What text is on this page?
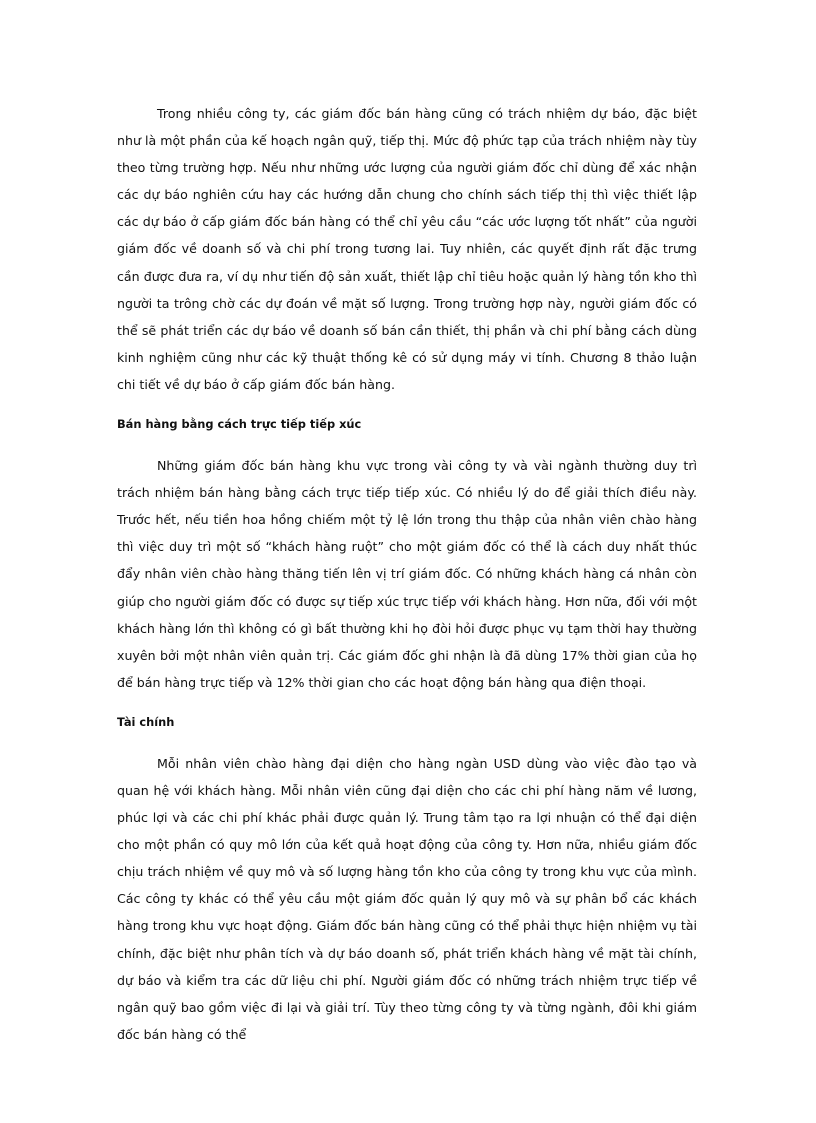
Trong nhiều công ty, các giám đốc bán hàng cũng có trách nhiệm dự báo, đặc biệt như là một phần của kế hoạch ngân quỹ, tiếp thị. Mức độ phức tạp của trách nhiệm này tùy theo từng trường hợp. Nếu như những ước lượng của người giám đốc chỉ dùng để xác nhận các dự báo nghiên cứu hay các hướng dẫn chung cho chính sách tiếp thị thì việc thiết lập các dự báo ở cấp giám đốc bán hàng có thể chỉ yêu cầu “các ước lượng tốt nhất” của người giám đốc về doanh số và chi phí trong tương lai. Tuy nhiên, các quyết định rất đặc trưng cần được đưa ra, ví dụ như tiến độ sản xuất, thiết lập chỉ tiêu hoặc quản lý hàng tồn kho thì người ta trông chờ các dự đoán về mặt số lượng. Trong trường hợp này, người giám đốc có thể sẽ phát triển các dự báo về doanh số bán cần thiết, thị phần và chi phí bằng cách dùng kinh nghiệm cũng như các kỹ thuật thống kê có sử dụng máy vi tính. Chương 8 thảo luận chi tiết về dự báo ở cấp giám đốc bán hàng.

Bán hàng bằng cách trực tiếp tiếp xúc

Những giám đốc bán hàng khu vực trong vài công ty và vài ngành thường duy trì trách nhiệm bán hàng bằng cách trực tiếp tiếp xúc. Có nhiều lý do để giải thích điều này. Trước hết, nếu tiền hoa hồng chiếm một tỷ lệ lớn trong thu thập của nhân viên chào hàng thì việc duy trì một số “khách hàng ruột” cho một giám đốc có thể là cách duy nhất thúc đẩy nhân viên chào hàng thăng tiến lên vị trí giám đốc. Có những khách hàng cá nhân còn giúp cho người giám đốc có được sự tiếp xúc trực tiếp với khách hàng. Hơn nữa, đối với một khách hàng lớn thì không có gì bất thường khi họ đòi hỏi được phục vụ tạm thời hay thường xuyên bởi một nhân viên quản trị. Các giám đốc ghi nhận là đã dùng 17% thời gian của họ để bán hàng trực tiếp và 12% thời gian cho các hoạt động bán hàng qua điện thoại.

Tài chính

Mỗi nhân viên chào hàng đại diện cho hàng ngàn USD dùng vào việc đào tạo và quan hệ với khách hàng. Mỗi nhân viên cũng đại diện cho các chi phí hàng năm về lương, phúc lợi và các chi phí khác phải được quản lý. Trung tâm tạo ra lợi nhuận có thể đại diện cho một phần có quy mô lớn của kết quả hoạt động của công ty. Hơn nữa, nhiều giám đốc chịu trách nhiệm về quy mô và số lượng hàng tồn kho của công ty trong khu vực của mình. Các công ty khác có thể yêu cầu một giám đốc quản lý quy mô và sự phân bổ các khách hàng trong khu vực hoạt động. Giám đốc bán hàng cũng có thể phải thực hiện nhiệm vụ tài chính, đặc biệt như phân tích và dự báo doanh số, phát triển khách hàng về mặt tài chính, dự báo và kiểm tra các dữ liệu chi phí. Người giám đốc có những trách nhiệm trực tiếp về ngân quỹ bao gồm việc đi lại và giải trí. Tùy theo từng công ty và từng ngành, đôi khi giám đốc bán hàng có thể
